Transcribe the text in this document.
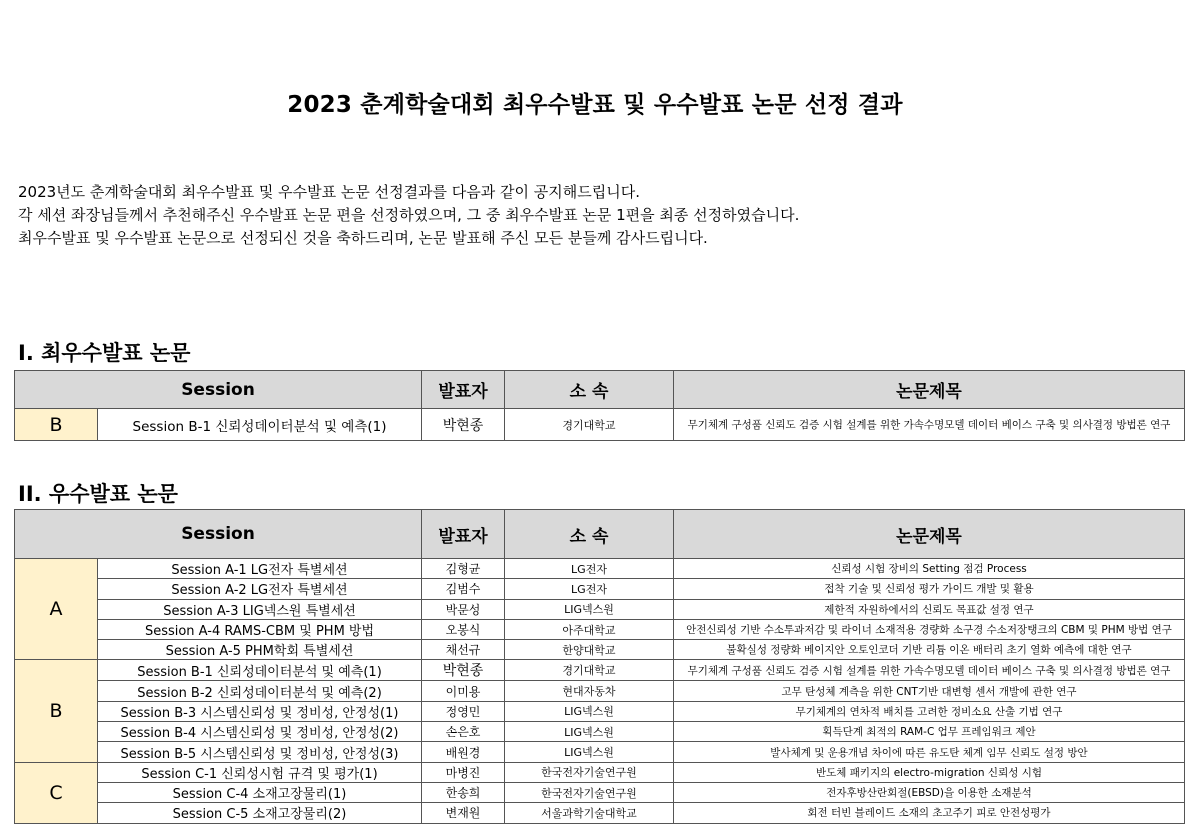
2023 춘계학술대회 최우수발표 및 우수발표 논문 선정 결과

2023년도 춘계학술대회 최우수발표 및 우수발표 논문 선정결과를 다음과 같이 공지해드립니다.

각 세션 좌장님들께서 추천해주신 우수발표 논문 편을 선정하였으며, 그 중 최우수발표 논문 1편을 최종 선정하였습니다.

최우수발표 및 우수발표 논문으로 선정되신 것을 축하드리며, 논문 발표해 주신 모든 분들께 감사드립니다.

I. 최우수발표 논문
Session		발표자	소 속	논문제목
B	Session B-1 신뢰성데이터분석 및 예측(1)	박현종	경기대학교	무기체계 구성품 신뢰도 검증 시험 설계를 위한 가속수명모델 데이터 베이스 구축 및 의사결정 방법론 연구
II. 우수발표 논문
Session		발표자	소 속	논문제목
A	Session A-1 LG전자 특별세션	김형균	LG전자	신뢰성 시험 장비의 Setting 점검 Process
	Session A-2 LG전자 특별세션	김범수	LG전자	접착 기술 및 신뢰성 평가 가이드 개발 및 활용
	Session A-3 LIG넥스원 특별세션	박문성	LIG넥스원	제한적 자원하에서의 신뢰도 목표값 설정 연구
	Session A-4 RAMS-CBM 및 PHM 방법	오봉식	아주대학교	안전신뢰성 기반 수소투과저감 및 라이너 소재적용 경량화 소구경 수소저장탱크의 CBM 및 PHM 방법 연구
	Session A-5 PHM학회 특별세션	채선규	한양대학교	불확실성 정량화 베이지안 오토인코더 기반 리튬 이온 배터리 초기 열화 예측에 대한 연구
B	Session B-1 신뢰성데이터분석 및 예측(1)	박현종	경기대학교	무기체계 구성품 신뢰도 검증 시험 설계를 위한 가속수명모델 데이터 베이스 구축 및 의사결정 방법론 연구
	Session B-2 신뢰성데이터분석 및 예측(2)	이미용	현대자동차	고무 탄성체 계측을 위한 CNT기반 대변형 센서 개발에 관한 연구
	Session B-3 시스템신뢰성 및 정비성, 안정성(1)	정영민	LIG넥스원	무기체계의 연차적 배치를 고려한 정비소요 산출 기법 연구
	Session B-4 시스템신뢰성 및 정비성, 안정성(2)	손은호	LIG넥스원	획득단계 최적의 RAM-C 업무 프레임워크 제안
	Session B-5 시스템신뢰성 및 정비성, 안정성(3)	배원경	LIG넥스원	발사체계 및 운용개념 차이에 따른 유도탄 체계 임무 신뢰도 설정 방안
C	Session C-1 신뢰성시험 규격 및 평가(1)	마병진	한국전자기술연구원	반도체 패키지의 electro-migration 신뢰성 시험
	Session C-4 소재고장물리(1)	한송희	한국전자기술연구원	전자후방산란회절(EBSD)을 이용한 소재분석
	Session C-5 소재고장물리(2)	변재원	서울과학기술대학교	회전 터빈 블레이드 소재의 초고주기 피로 안전성평가
